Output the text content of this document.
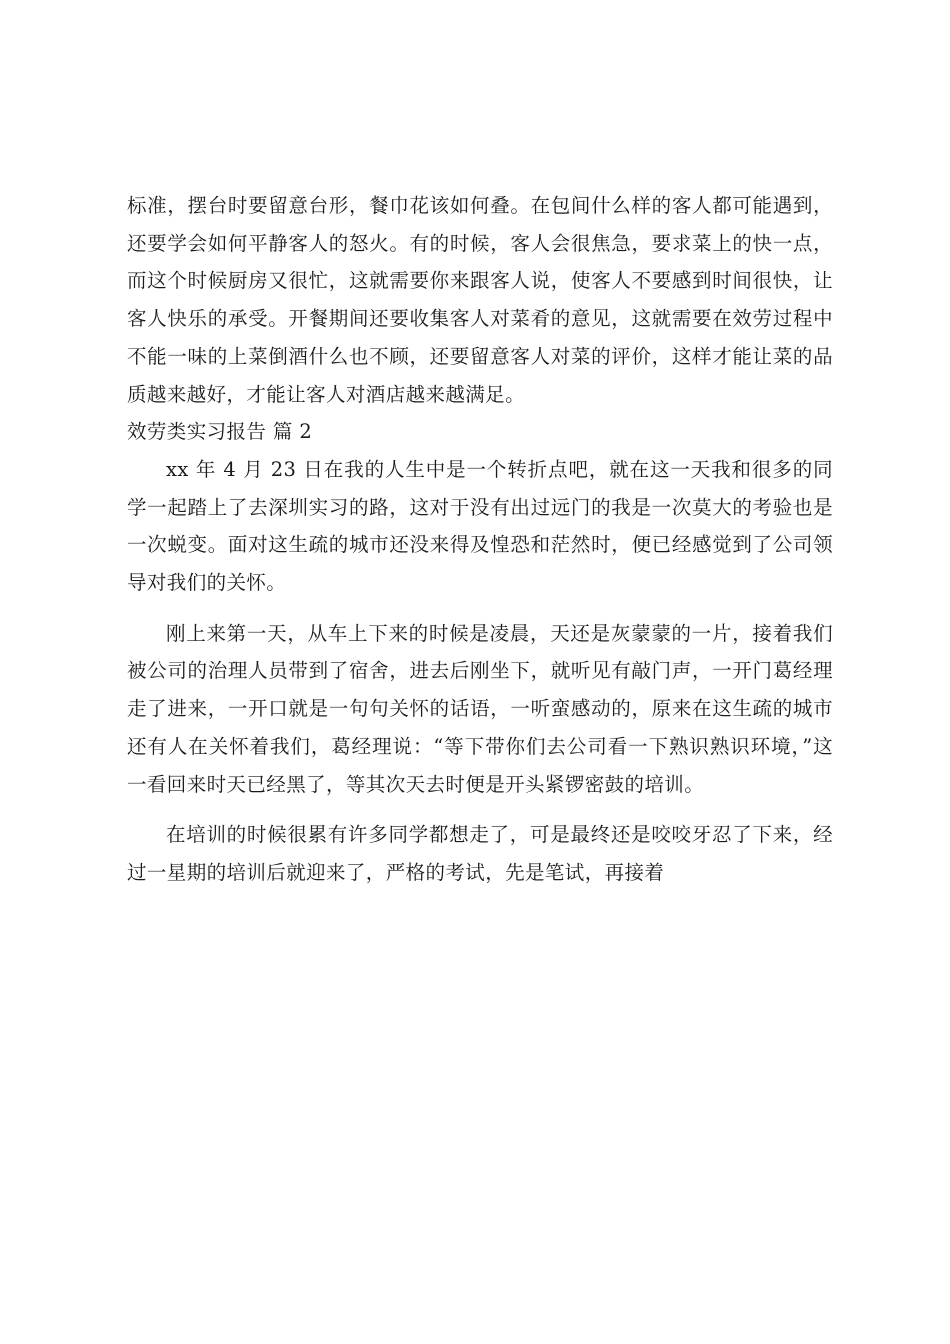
标准，摆台时要留意台形，餐巾花该如何叠。在包间什么样的客人都可能遇到，还要学会如何平静客人的怒火。有的时候，客人会很焦急，要求菜上的快一点，而这个时候厨房又很忙，这就需要你来跟客人说，使客人不要感到时间很快，让客人快乐的承受。开餐期间还要收集客人对菜肴的意见，这就需要在效劳过程中不能一味的上菜倒酒什么也不顾，还要留意客人对菜的评价，这样才能让菜的品质越来越好，才能让客人对酒店越来越满足。

效劳类实习报告 篇 2

xx 年 4 月 23 日在我的人生中是一个转折点吧，就在这一天我和很多的同学一起踏上了去深圳实习的路，这对于没有出过远门的我是一次莫大的考验也是一次蜕变。面对这生疏的城市还没来得及惶恐和茫然时，便已经感觉到了公司领导对我们的关怀。

刚上来第一天，从车上下来的时候是凌晨，天还是灰蒙蒙的一片，接着我们被公司的治理人员带到了宿舍，进去后刚坐下，就听见有敲门声，一开门葛经理走了进来，一开口就是一句句关怀的话语，一听蛮感动的，原来在这生疏的城市还有人在关怀着我们，葛经理说：“等下带你们去公司看一下熟识熟识环境，”这一看回来时天已经黑了，等其次天去时便是开头紧锣密鼓的培训。

在培训的时候很累有许多同学都想走了，可是最终还是咬咬牙忍了下来，经过一星期的培训后就迎来了，严格的考试，先是笔试，再接着
